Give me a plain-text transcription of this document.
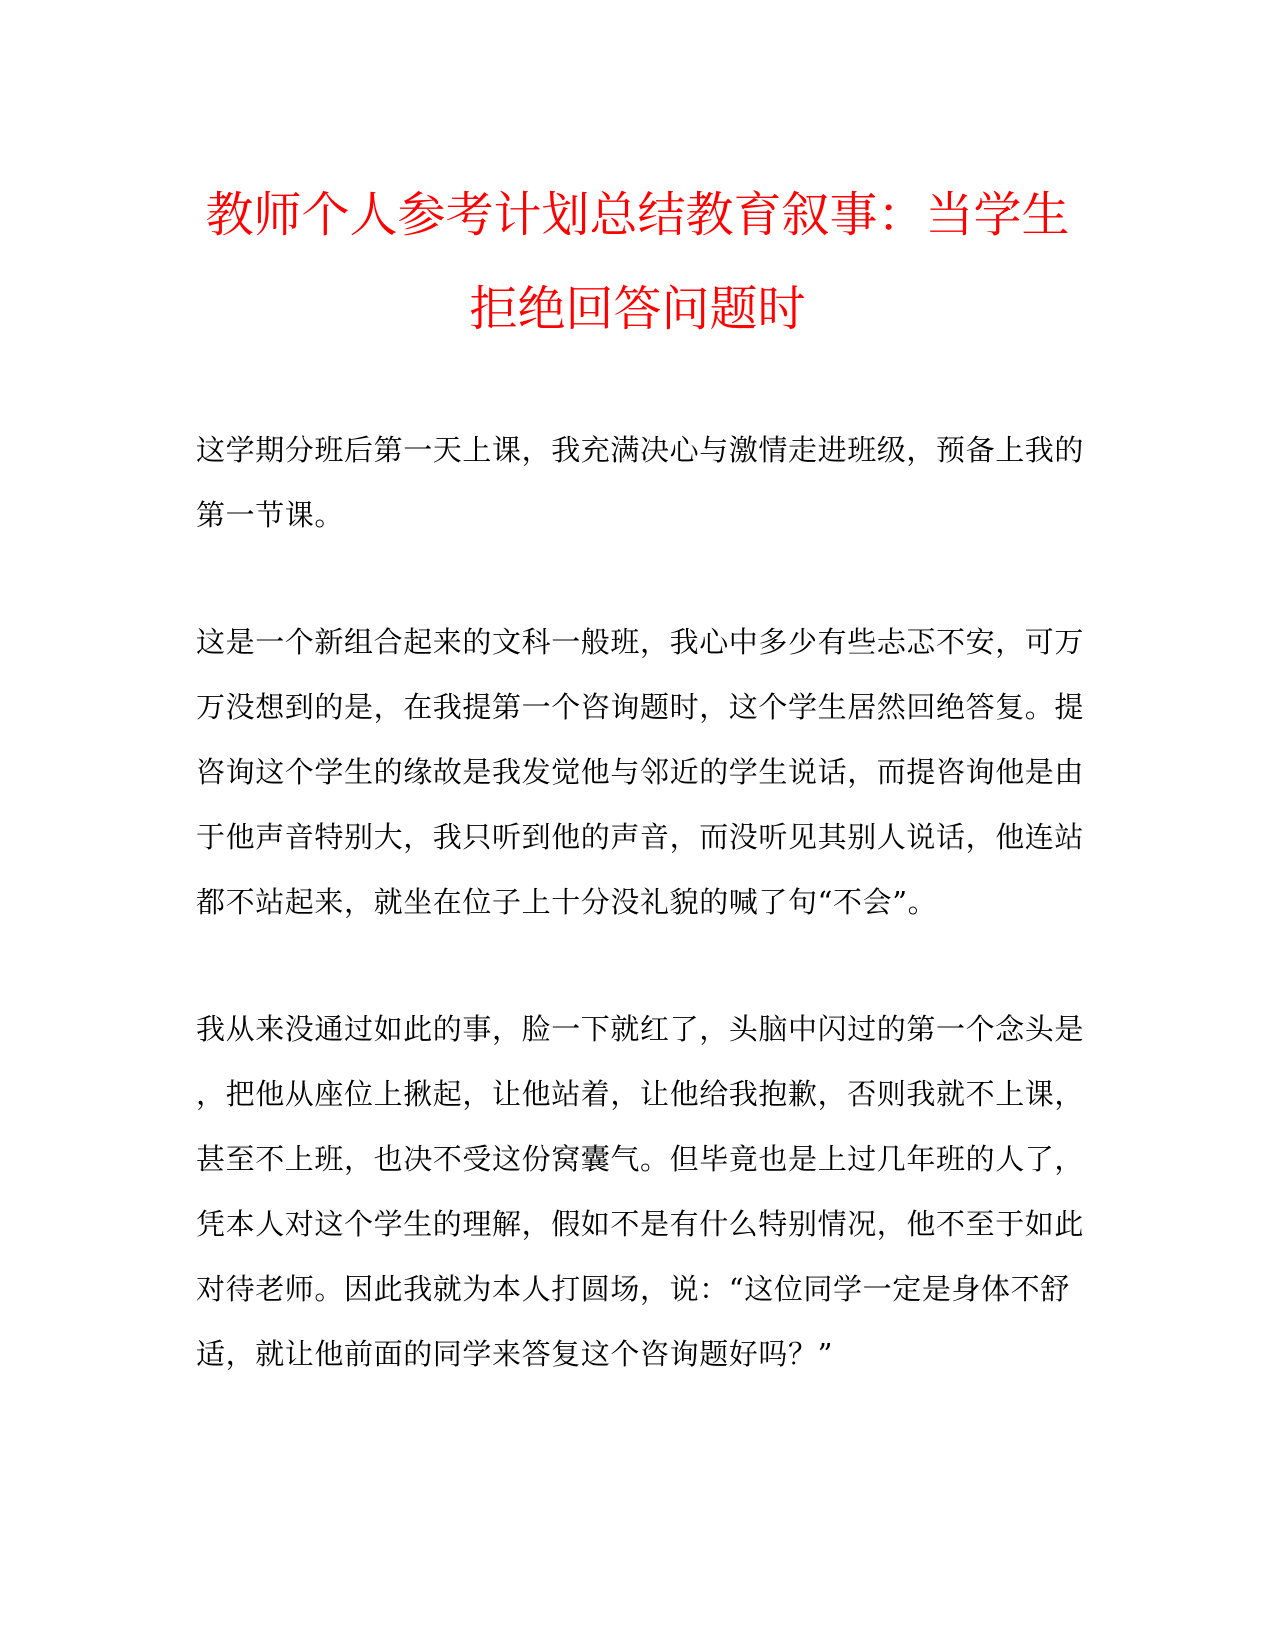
教师个人参考计划总结教育叙事：当学生
拒绝回答问题时
这学期分班后第一天上课，我充满决心与激情走进班级，预备上我的
第一节课。
这是一个新组合起来的文科一般班，我心中多少有些忐忑不安，可万
万没想到的是，在我提第一个咨询题时，这个学生居然回绝答复。提
咨询这个学生的缘故是我发觉他与邻近的学生说话，而提咨询他是由
于他声音特别大，我只听到他的声音，而没听见其别人说话，他连站
都不站起来，就坐在位子上十分没礼貌的喊了句“不会”。
我从来没通过如此的事，脸一下就红了，头脑中闪过的第一个念头是
，把他从座位上揪起，让他站着，让他给我抱歉，否则我就不上课，
甚至不上班，也决不受这份窝囊气。但毕竟也是上过几年班的人了，
凭本人对这个学生的理解，假如不是有什么特别情况，他不至于如此
对待老师。因此我就为本人打圆场，说：“这位同学一定是身体不舒
适，就让他前面的同学来答复这个咨询题好吗？”
